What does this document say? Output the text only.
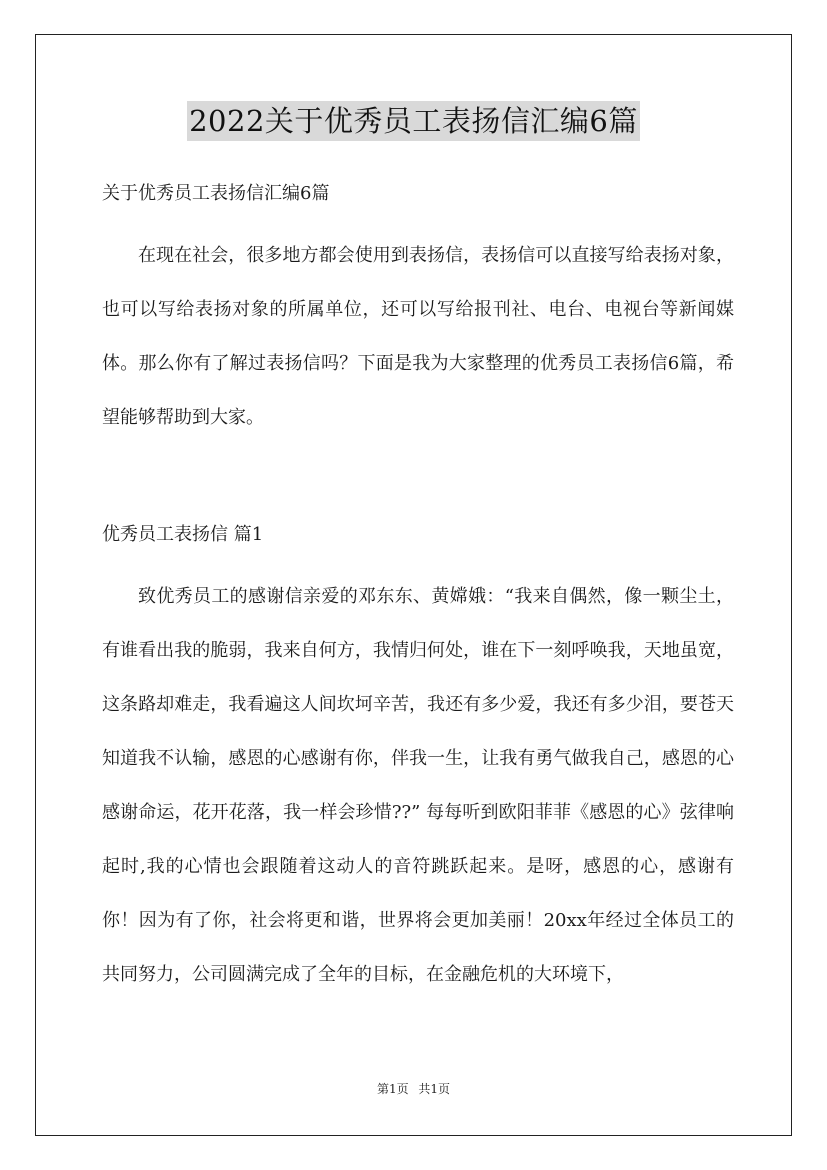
2022关于优秀员工表扬信汇编6篇

关于优秀员工表扬信汇编6篇

在现在社会，很多地方都会使用到表扬信，表扬信可以直接写给表扬对象，也可以写给表扬对象的所属单位，还可以写给报刊社、电台、电视台等新闻媒体。那么你有了解过表扬信吗？下面是我为大家整理的优秀员工表扬信6篇，希望能够帮助到大家。

优秀员工表扬信 篇1

致优秀员工的感谢信亲爱的邓东东、黄嫦娥：“我来自偶然，像一颗尘土，有谁看出我的脆弱，我来自何方，我情归何处，谁在下一刻呼唤我，天地虽宽，这条路却难走，我看遍这人间坎坷辛苦，我还有多少爱，我还有多少泪，要苍天知道我不认输，感恩的心感谢有你，伴我一生，让我有勇气做我自己，感恩的心感谢命运，花开花落，我一样会珍惜??” 每每听到欧阳菲菲《感恩的心》弦律响起时,我的心情也会跟随着这动人的音符跳跃起来。是呀，感恩的心，感谢有你！因为有了你，社会将更和谐，世界将会更加美丽！20xx年经过全体员工的共同努力，公司圆满完成了全年的目标，在金融危机的大环境下，

第1页 共1页
